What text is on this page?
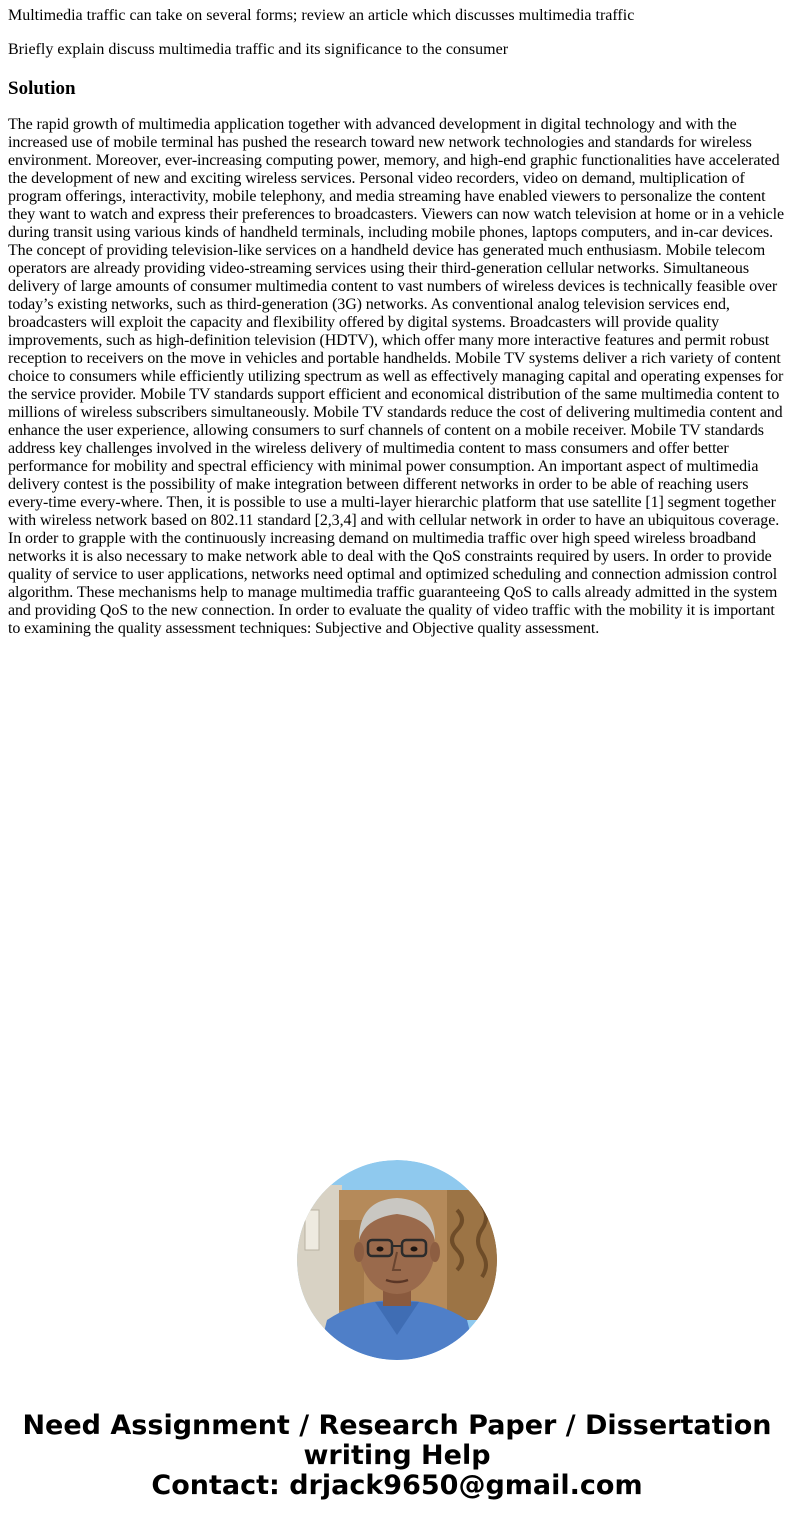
Multimedia traffic can take on several forms; review an article which discusses multimedia traffic

Briefly explain discuss multimedia traffic and its significance to the consumer

Solution

The rapid growth of multimedia application together with advanced development in digital technology and with the increased use of mobile terminal has pushed the research toward new network technologies and standards for wireless environment. Moreover, ever-increasing computing power, memory, and high-end graphic functionalities have accelerated the development of new and exciting wireless services. Personal video recorders, video on demand, multiplication of program offerings, interactivity, mobile telephony, and media streaming have enabled viewers to personalize the content they want to watch and express their preferences to broadcasters. Viewers can now watch television at home or in a vehicle during transit using various kinds of handheld terminals, including mobile phones, laptops computers, and in-car devices. The concept of providing television-like services on a handheld device has generated much enthusiasm. Mobile telecom operators are already providing video-streaming services using their third-generation cellular networks. Simultaneous delivery of large amounts of consumer multimedia content to vast numbers of wireless devices is technically feasible over today’s existing networks, such as third-generation (3G) networks. As conventional analog television services end, broadcasters will exploit the capacity and flexibility offered by digital systems. Broadcasters will provide quality improvements, such as high-definition television (HDTV), which offer many more interactive features and permit robust reception to receivers on the move in vehicles and portable handhelds. Mobile TV systems deliver a rich variety of content choice to consumers while efficiently utilizing spectrum as well as effectively managing capital and operating expenses for the service provider. Mobile TV standards support efficient and economical distribution of the same multimedia content to millions of wireless subscribers simultaneously. Mobile TV standards reduce the cost of delivering multimedia content and enhance the user experience, allowing consumers to surf channels of content on a mobile receiver. Mobile TV standards address key challenges involved in the wireless delivery of multimedia content to mass consumers and offer better performance for mobility and spectral efficiency with minimal power consumption. An important aspect of multimedia delivery contest is the possibility of make integration between different networks in order to be able of reaching users every-time every-where. Then, it is possible to use a multi-layer hierarchic platform that use satellite [1] segment together with wireless network based on 802.11 standard [2,3,4] and with cellular network in order to have an ubiquitous coverage. In order to grapple with the continuously increasing demand on multimedia traffic over high speed wireless broadband networks it is also necessary to make network able to deal with the QoS constraints required by users. In order to provide quality of service to user applications, networks need optimal and optimized scheduling and connection admission control algorithm. These mechanisms help to manage multimedia traffic guaranteeing QoS to calls already admitted in the system and providing QoS to the new connection. In order to evaluate the quality of video traffic with the mobility it is important to examining the quality assessment techniques: Subjective and Objective quality assessment.

Need Assignment / Research Paper / Dissertation
writing Help
Contact: drjack9650@gmail.com
